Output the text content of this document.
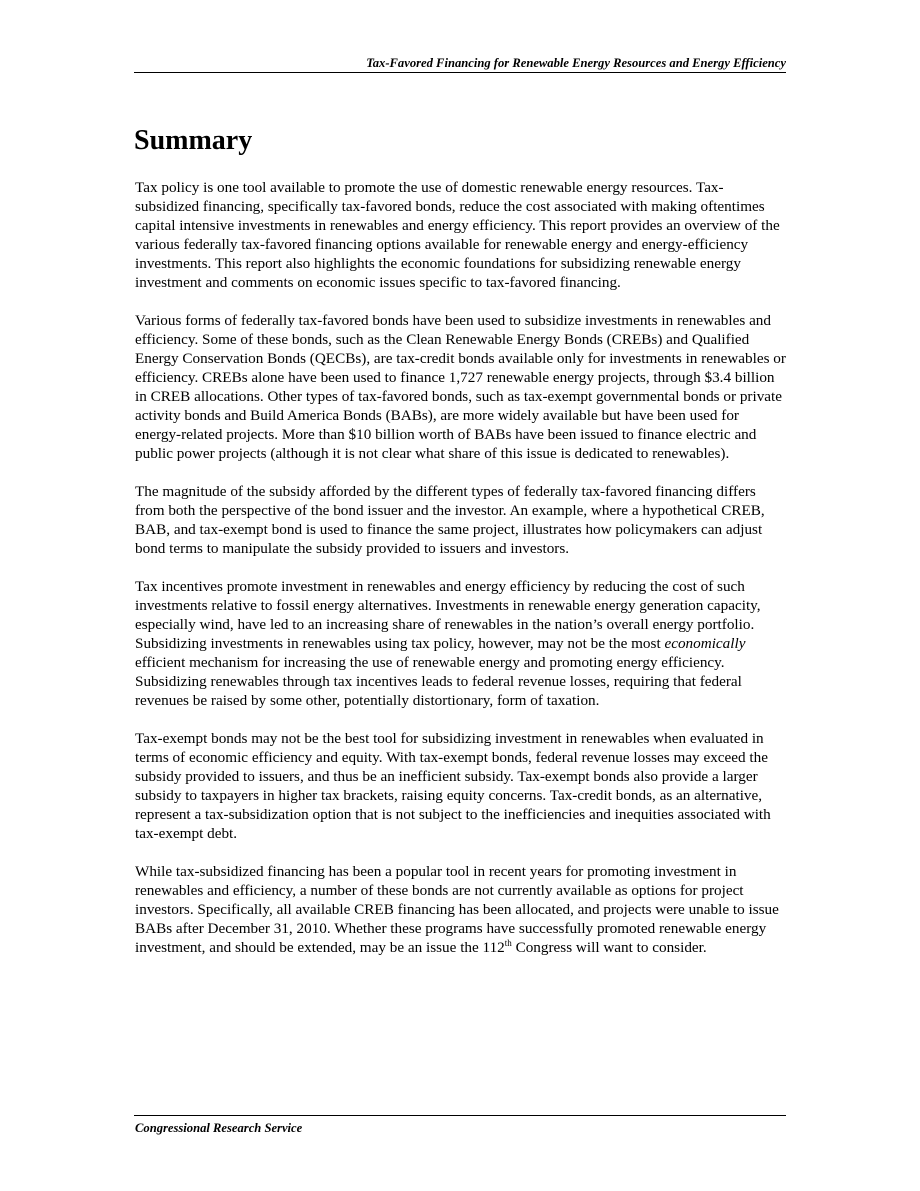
Tax-Favored Financing for Renewable Energy Resources and Energy Efficiency
Summary

Tax policy is one tool available to promote the use of domestic renewable energy resources. Tax-subsidized financing, specifically tax-favored bonds, reduce the cost associated with making oftentimes capital intensive investments in renewables and energy efficiency. This report provides an overview of the various federally tax-favored financing options available for renewable energy and energy-efficiency investments. This report also highlights the economic foundations for subsidizing renewable energy investment and comments on economic issues specific to tax-favored financing.

Various forms of federally tax-favored bonds have been used to subsidize investments in renewables and efficiency. Some of these bonds, such as the Clean Renewable Energy Bonds (CREBs) and Qualified Energy Conservation Bonds (QECBs), are tax-credit bonds available only for investments in renewables or efficiency. CREBs alone have been used to finance 1,727 renewable energy projects, through $3.4 billion in CREB allocations. Other types of tax-favored bonds, such as tax-exempt governmental bonds or private activity bonds and Build America Bonds (BABs), are more widely available but have been used for energy-related projects. More than $10 billion worth of BABs have been issued to finance electric and public power projects (although it is not clear what share of this issue is dedicated to renewables).

The magnitude of the subsidy afforded by the different types of federally tax-favored financing differs from both the perspective of the bond issuer and the investor. An example, where a hypothetical CREB, BAB, and tax-exempt bond is used to finance the same project, illustrates how policymakers can adjust bond terms to manipulate the subsidy provided to issuers and investors.

Tax incentives promote investment in renewables and energy efficiency by reducing the cost of such investments relative to fossil energy alternatives. Investments in renewable energy generation capacity, especially wind, have led to an increasing share of renewables in the nation’s overall energy portfolio. Subsidizing investments in renewables using tax policy, however, may not be the most economically efficient mechanism for increasing the use of renewable energy and promoting energy efficiency. Subsidizing renewables through tax incentives leads to federal revenue losses, requiring that federal revenues be raised by some other, potentially distortionary, form of taxation.

Tax-exempt bonds may not be the best tool for subsidizing investment in renewables when evaluated in terms of economic efficiency and equity. With tax-exempt bonds, federal revenue losses may exceed the subsidy provided to issuers, and thus be an inefficient subsidy. Tax-exempt bonds also provide a larger subsidy to taxpayers in higher tax brackets, raising equity concerns. Tax-credit bonds, as an alternative, represent a tax-subsidization option that is not subject to the inefficiencies and inequities associated with tax-exempt debt.

While tax-subsidized financing has been a popular tool in recent years for promoting investment in renewables and efficiency, a number of these bonds are not currently available as options for project investors. Specifically, all available CREB financing has been allocated, and projects were unable to issue BABs after December 31, 2010. Whether these programs have successfully promoted renewable energy investment, and should be extended, may be an issue the 112th Congress will want to consider.

Congressional Research Service
